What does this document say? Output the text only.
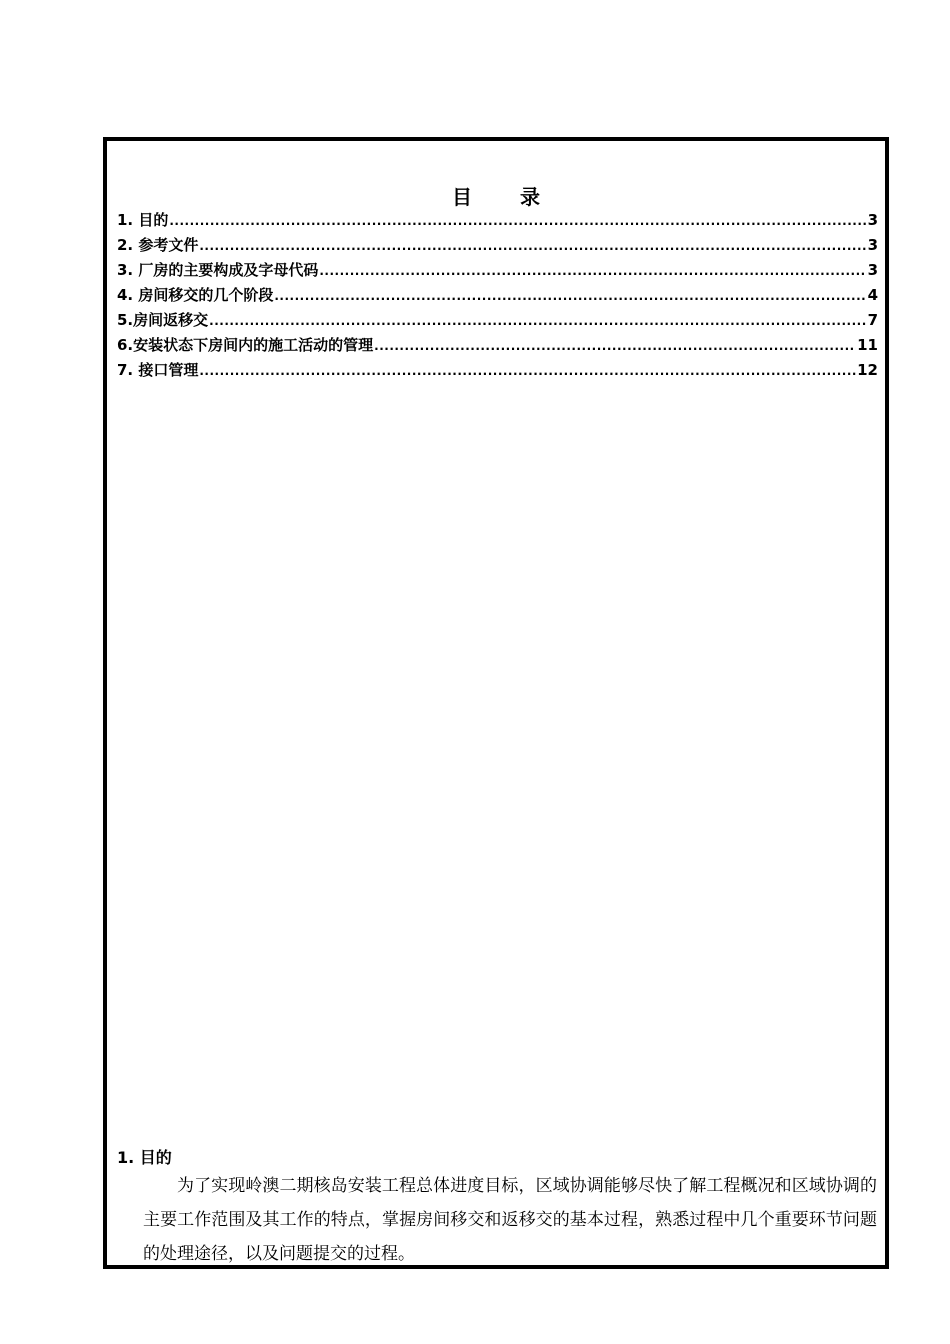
目录
1. 目的 .....	3
2. 参考文件 .....	3
3. 厂房的主要构成及字母代码 .....	3
4. 房间移交的几个阶段 .....	4
5.房间返移交 .....	7
6.安装状态下房间内的施工活动的管理 .....	11
7. 接口管理 .....	12
1. 目的

为了实现岭澳二期核岛安装工程总体进度目标，区域协调能够尽快了解工程概况和区域协调的主要工作范围及其工作的特点，掌握房间移交和返移交的基本过程，熟悉过程中几个重要环节问题的处理途径，以及问题提交的过程。
